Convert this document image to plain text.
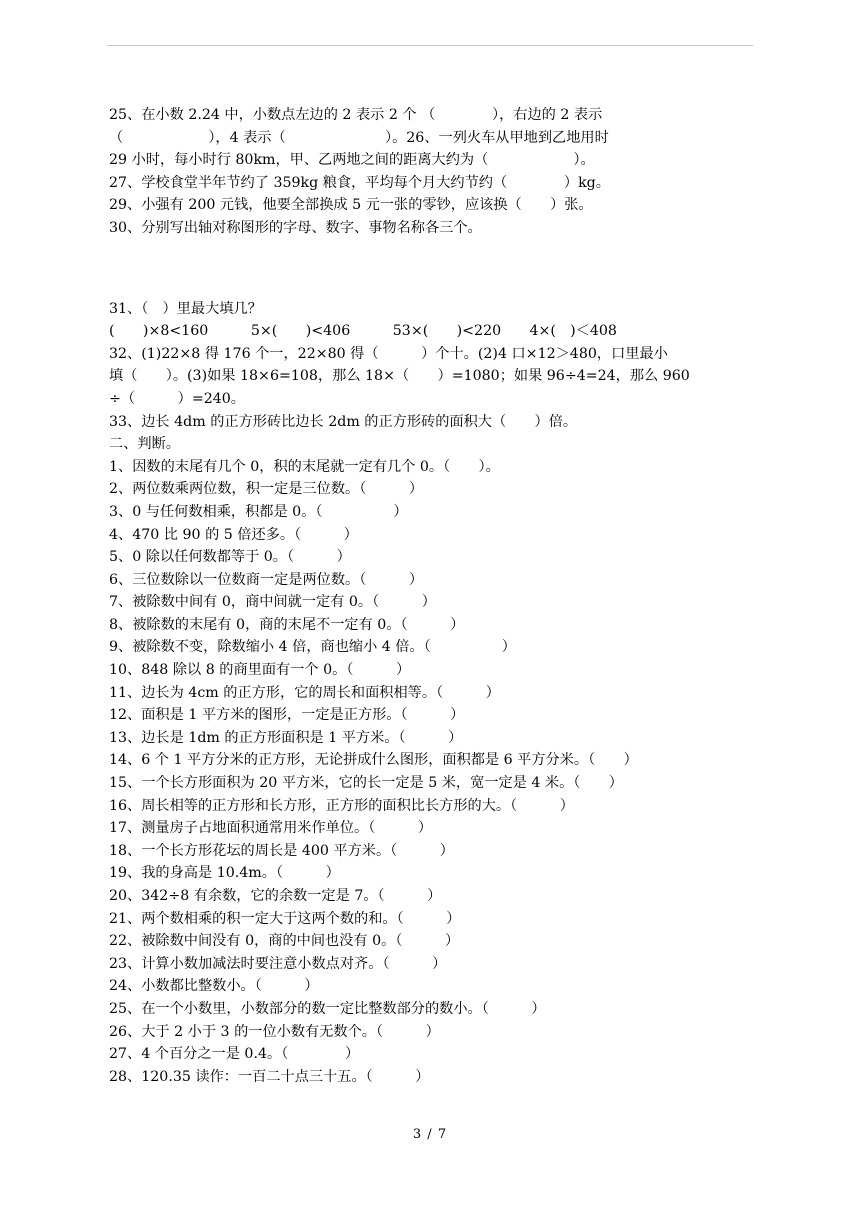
25、在小数 2.24 中，小数点左边的 2 表示 2 个 （　　　　），右边的 2 表示
（　　　　　　），4 表示（　　　　　　　）。26、一列火车从甲地到乙地用时
29 小时，每小时行 80km，甲、乙两地之间的距离大约为（　　　　　　）。
27、学校食堂半年节约了 359kg 粮食，平均每个月大约节约（　　　　）kg。
29、小强有 200 元钱，他要全部换成 5 元一张的零钞，应该换（　　）张。
30、分别写出轴对称图形的字母、数字、事物名称各三个。
31、（　）里最大填几？
(　　)×8<160　　　5×(　　)<406　　　53×(　　)<220　　4×(　)＜408
32、(1)22×8 得 176 个一，22×80 得（　　　）个十。(2)4 口×12＞480，口里最小
填（　　）。(3)如果 18×6=108，那么 18×（　　）=1080；如果 96÷4=24，那么 960
÷（　　　）=240。
33、边长 4dm 的正方形砖比边长 2dm 的正方形砖的面积大（　　）倍。
二、判断。
1、因数的末尾有几个 0，积的末尾就一定有几个 0。（　　）。
2、两位数乘两位数，积一定是三位数。（　　　）
3、0 与任何数相乘，积都是 0。（　　　　　）
4、470 比 90 的 5 倍还多。（　　　）
5、0 除以任何数都等于 0。（　　　）
6、三位数除以一位数商一定是两位数。（　　　）
7、被除数中间有 0，商中间就一定有 0。（　　　）
8、被除数的末尾有 0，商的末尾不一定有 0。（　　　）
9、被除数不变，除数缩小 4 倍，商也缩小 4 倍。（　　　　　）
10、848 除以 8 的商里面有一个 0。（　　　）
11、边长为 4cm 的正方形，它的周长和面积相等。（　　　）
12、面积是 1 平方米的图形，一定是正方形。（　　　）
13、边长是 1dm 的正方形面积是 1 平方米。（　　　）
14、6 个 1 平方分米的正方形，无论拼成什么图形，面积都是 6 平方分米。（　　）
15、一个长方形面积为 20 平方米，它的长一定是 5 米，宽一定是 4 米。（　　）
16、周长相等的正方形和长方形，正方形的面积比长方形的大。（　　　）
17、测量房子占地面积通常用米作单位。（　　　）
18、一个长方形花坛的周长是 400 平方米。（　　　）
19、我的身高是 10.4m。（　　　）
20、342÷8 有余数，它的余数一定是 7。（　　　）
21、两个数相乘的积一定大于这两个数的和。（　　　）
22、被除数中间没有 0，商的中间也没有 0。（　　　）
23、计算小数加减法时要注意小数点对齐。（　　　）
24、小数都比整数小。（　　　）
25、在一个小数里，小数部分的数一定比整数部分的数小。（　　　）
26、大于 2 小于 3 的一位小数有无数个。（　　　）
27、4 个百分之一是 0.4。（　　　　）
28、120.35 读作：一百二十点三十五。（　　　）
3 / 7
